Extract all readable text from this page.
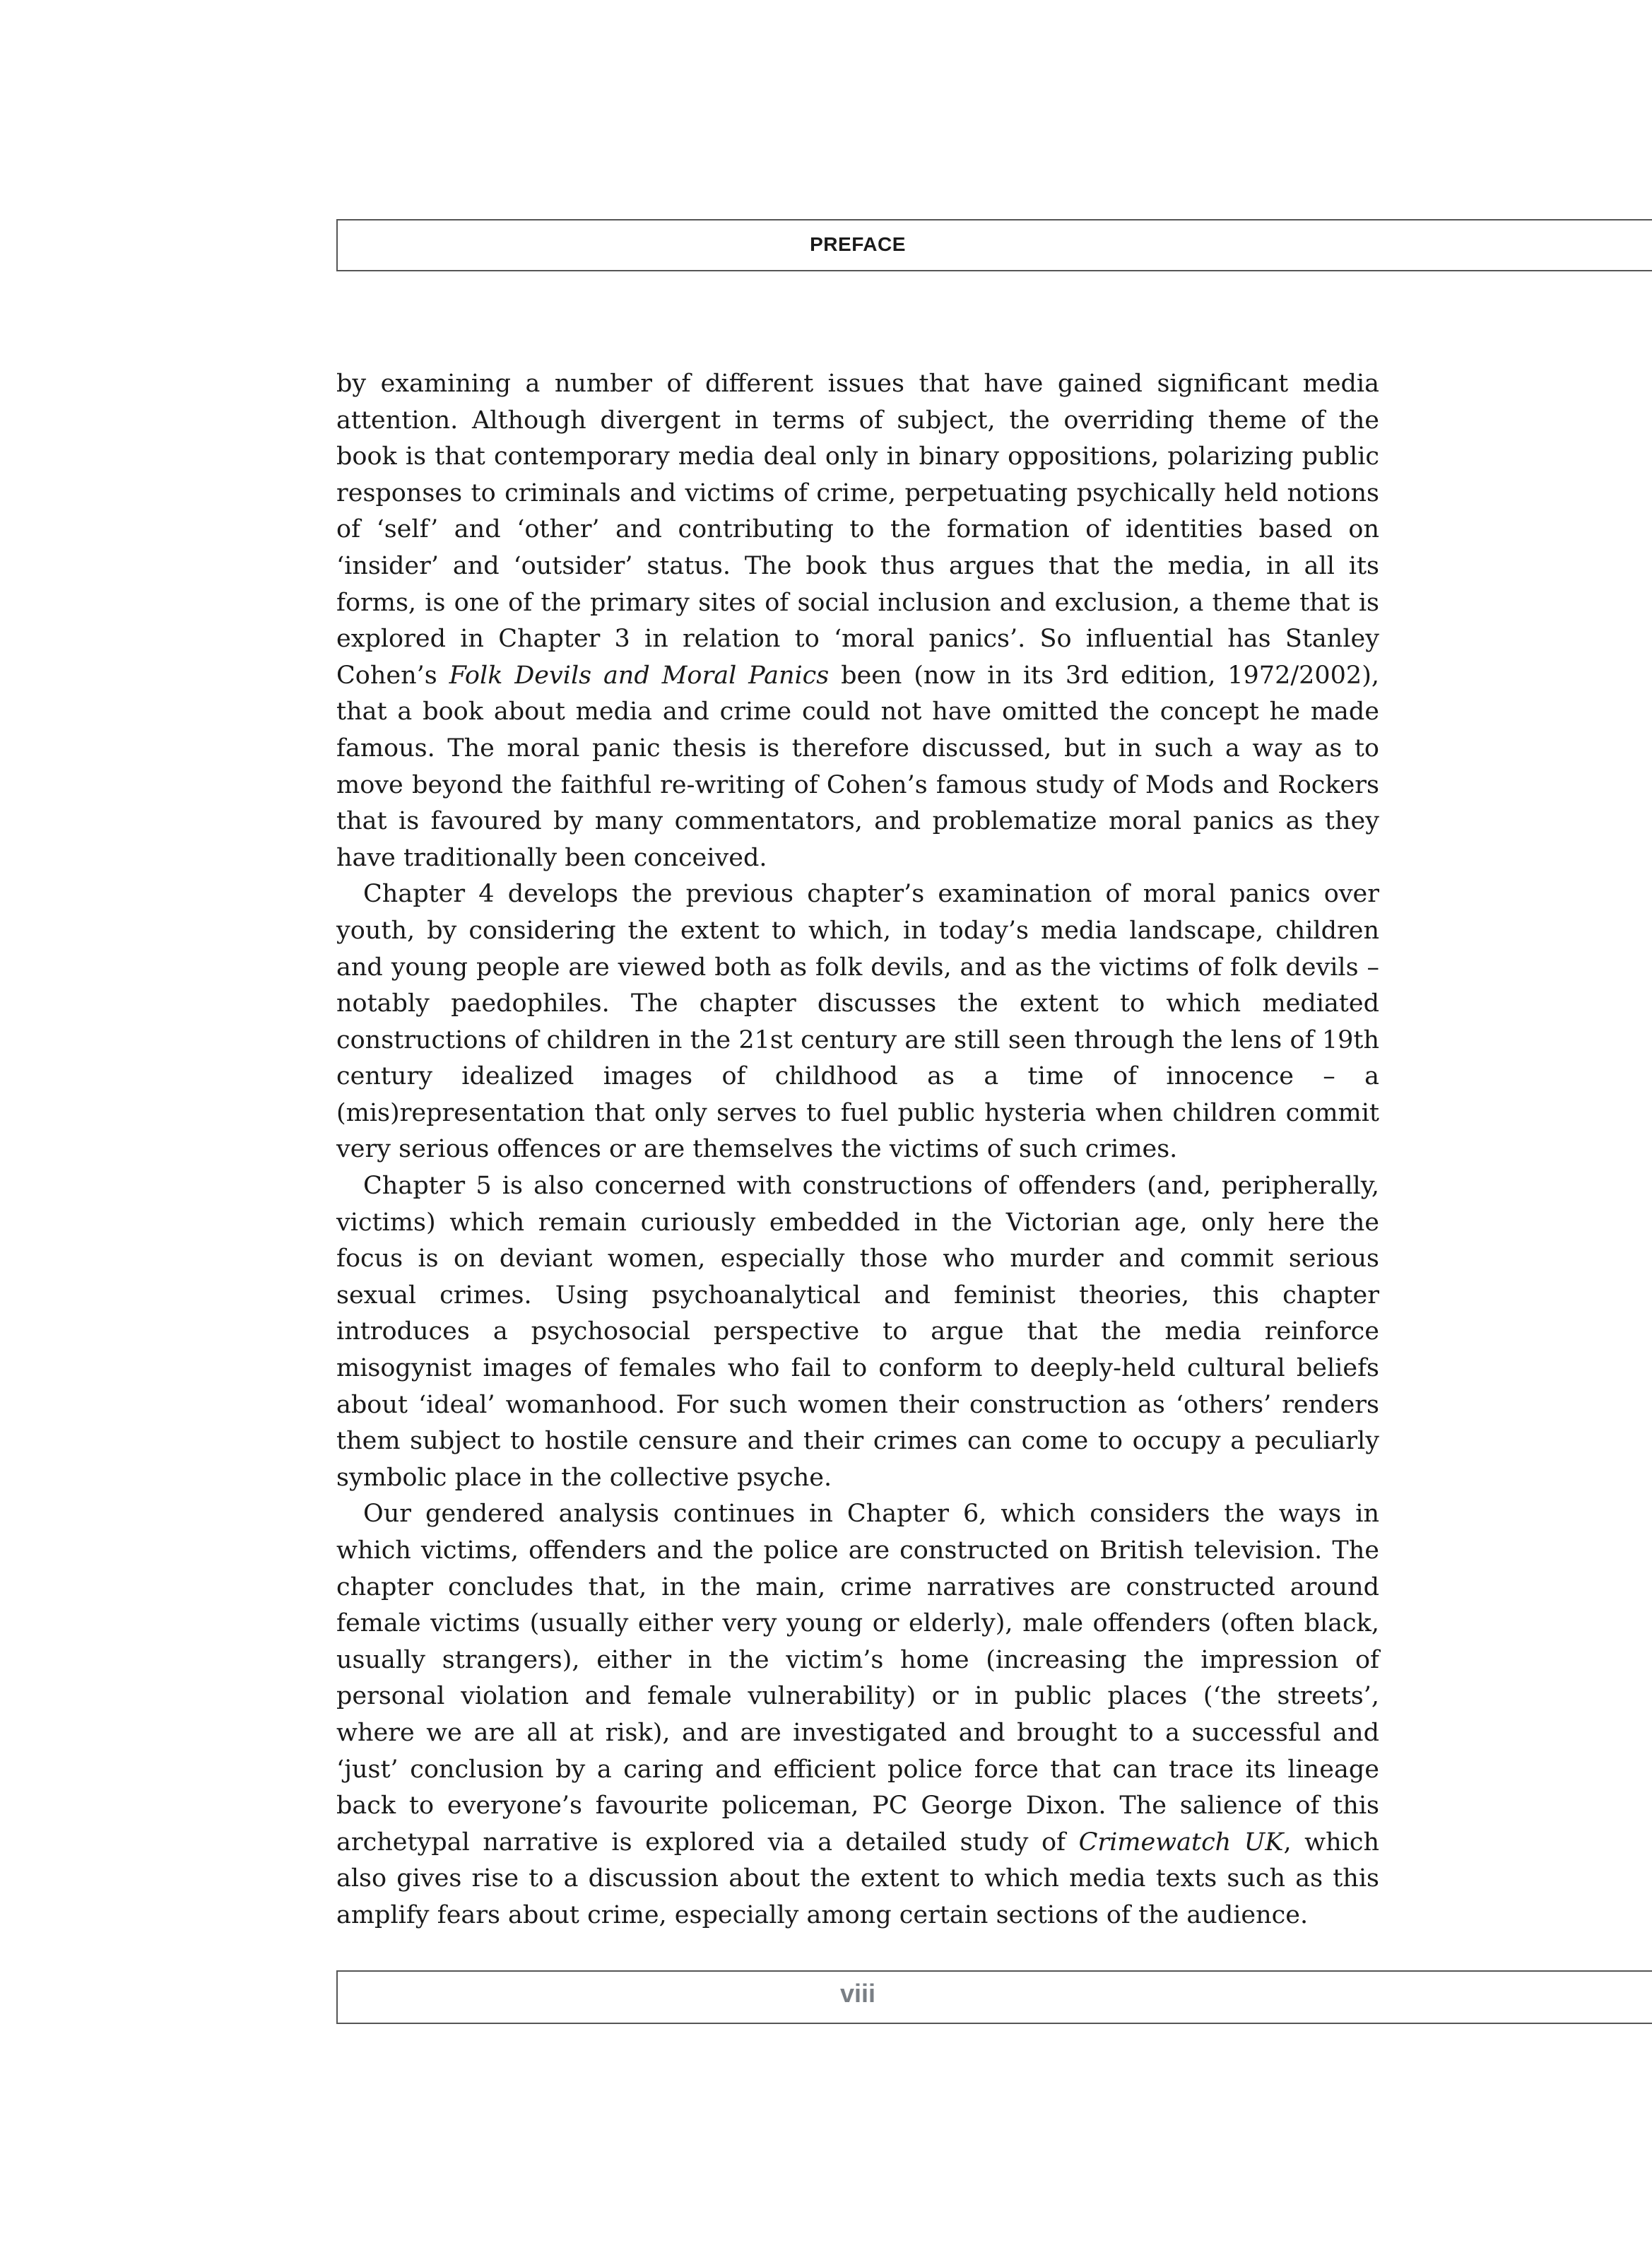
PREFACE

by examining a number of different issues that have gained significant media attention. Although divergent in terms of subject, the overriding theme of the book is that contemporary media deal only in binary oppositions, polarizing public responses to criminals and victims of crime, perpetuating psychically held notions of ‘self’ and ‘other’ and contributing to the formation of identities based on ‘insider’ and ‘outsider’ status. The book thus argues that the media, in all its forms, is one of the primary sites of social inclusion and exclusion, a theme that is explored in Chapter 3 in relation to ‘moral panics’. So influential has Stanley Cohen’s Folk Devils and Moral Panics been (now in its 3rd edition, 1972/2002), that a book about media and crime could not have omitted the concept he made famous. The moral panic thesis is therefore discussed, but in such a way as to move beyond the faithful re-writing of Cohen’s famous study of Mods and Rockers that is favoured by many commentators, and problematize moral panics as they have traditionally been conceived.

Chapter 4 develops the previous chapter’s examination of moral panics over youth, by considering the extent to which, in today’s media landscape, children and young people are viewed both as folk devils, and as the victims of folk devils – notably paedophiles. The chapter discusses the extent to which mediated constructions of children in the 21st century are still seen through the lens of 19th century idealized images of childhood as a time of innocence – a (mis)representation that only serves to fuel public hysteria when children commit very serious offences or are themselves the victims of such crimes.

Chapter 5 is also concerned with constructions of offenders (and, peripherally, victims) which remain curiously embedded in the Victorian age, only here the focus is on deviant women, especially those who murder and commit serious sexual crimes. Using psychoanalytical and feminist theories, this chapter introduces a psychosocial perspective to argue that the media reinforce misogynist images of females who fail to conform to deeply-held cultural beliefs about ‘ideal’ womanhood. For such women their construction as ‘others’ renders them subject to hostile censure and their crimes can come to occupy a peculiarly symbolic place in the collective psyche.

Our gendered analysis continues in Chapter 6, which considers the ways in which victims, offenders and the police are constructed on British television. The chapter concludes that, in the main, crime narratives are constructed around female victims (usually either very young or elderly), male offenders (often black, usually strangers), either in the victim’s home (increasing the impression of personal violation and female vulnerability) or in public places (‘the streets’, where we are all at risk), and are investigated and brought to a successful and ‘just’ conclusion by a caring and efficient police force that can trace its lineage back to everyone’s favourite policeman, PC George Dixon. The salience of this archetypal narrative is explored via a detailed study of Crimewatch UK, which also gives rise to a discussion about the extent to which media texts such as this amplify fears about crime, especially among certain sections of the audience.

viii
